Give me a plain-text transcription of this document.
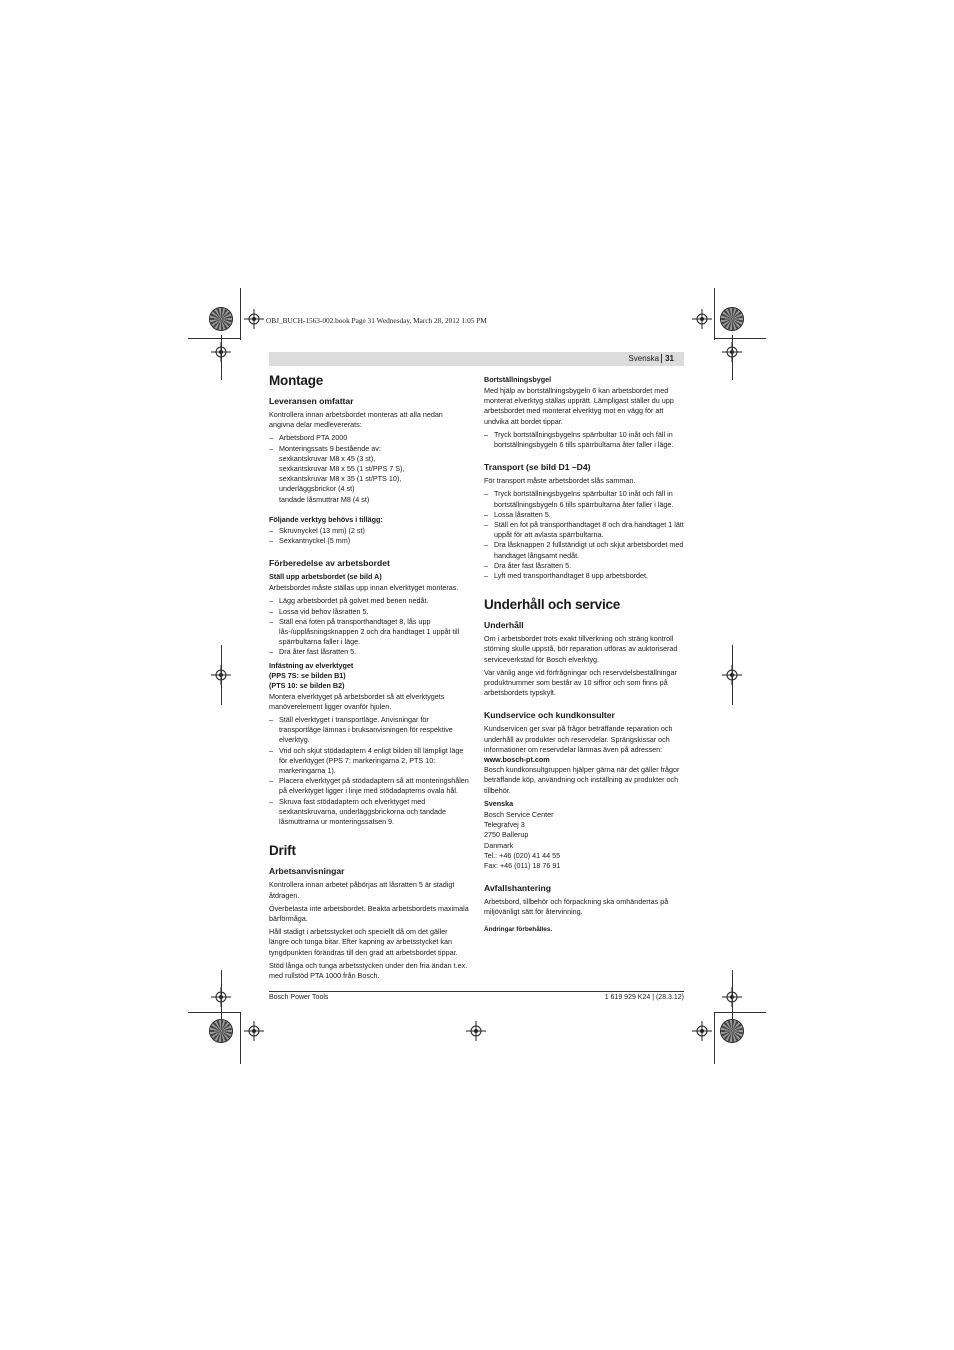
OBJ_BUCH-1563-002.book Page 31 Wednesday, March 28, 2012 1:05 PM
Svenska 31
Montage
Leveransen omfattar
Kontrollera innan arbetsbordet monteras att alla nedan angivna delar medlevererats:
– Arbetsbord PTA 2000
– Monteringssats 9 bestående av:
sexkantskruvar M8 x 45 (3 st),
sexkantskruvar M8 x 55 (1 st/PPS 7 S),
sexkantskruvar M8 x 35 (1 st/PTS 10),
underläggsbrickor (4 st)
tandade låsmuttrar M8 (4 st)
Följande verktyg behövs i tillägg:
– Skruvnyckel (13 mm) (2 st)
– Sexkantnyckel (5 mm)
Förberedelse av arbetsbordet
Ställ upp arbetsbordet (se bild A)
Arbetsbordet måste ställas upp innan elverktyget monteras.
– Lägg arbetsbordet på golvet med benen nedåt.
– Lossa vid behov låsratten 5.
– Ställ ena foten på transporthandtaget 8, lås upp lås-/upplåsningsknappen 2 och dra handtaget 1 uppåt till spärrbultarna faller i läge.
– Dra åter fast låsratten 5.
Infästning av elverktyget
(PPS 7S: se bilden B1)
(PTS 10: se bilden B2)
Montera elverktyget på arbetsbordet så att elverktygets manöverelement ligger ovanför hjulen.
– Ställ elverktyget i transportläge. Anvisningar för transportläge lämnas i bruksanvisningen för respektive elverktyg.
– Vrid och skjut stödadaptern 4 enligt bilden till lämpligt läge för elverktyget (PPS 7: markeringarna 2, PTS 10: markeringarna 1).
– Placera elverktyget på stödadaptern så att monteringshålen på elverktyget ligger i linje med stödadapterns ovala hål.
– Skruva fast stödadaptern och elverktyget med sexkantskruvarna, underläggsbrickorna och tandade låsmuttrarna ur monteringssatsen 9.
Drift
Arbetsanvisningar
Kontrollera innan arbetet påbörjas att låsratten 5 är stadigt åtdragen.
Överbelasta inte arbetsbordet. Beakta arbetsbordets maximala bärförmåga.
Håll stadigt i arbetsstycket och speciellt då om det gäller längre och tunga bitar. Efter kapning av arbetsstycket kan tyngdpunkten förändras till den grad att arbetsbordet tippar.
Stöd långa och tunga arbetsstycken under den fria ändan t.ex. med rullstöd PTA 1000 från Bosch.
Bortställningsbygel
Med hjälp av bortställningsbygeln 6 kan arbetsbordet med monterat elverktyg ställas upprätt. Lämpligast ställer du upp arbetsbordet med monterat elverktyg mot en vägg för att undvika att bordet tippar.
– Tryck bortställningsbygelns spärrbultar 10 inåt och fäll in bortställningsbygeln 6 tills spärrbultarna åter faller i läge.
Transport (se bild D1 –D4)
För transport måste arbetsbordet slås samman.
– Tryck bortställningsbygelns spärrbultar 10 inåt och fäll in bortställningsbygeln 6 tills spärrbultarna åter faller i läge.
– Lossa låsratten 5.
– Ställ en fot på transporthandtaget 8 och dra handtaget 1 lätt uppåt för att avlasta spärrbultarna.
– Dra låsknappen 2 fullständigt ut och skjut arbetsbordet med handtaget långsamt nedåt.
– Dra åter fast låsratten 5.
– Lyft med transporthandtaget 8 upp arbetsbordet.
Underhåll och service
Underhåll
Om i arbetsbordet trots exakt tillverkning och sträng kontroll störning skulle uppstå, bör reparation utföras av auktoriserad serviceverkstad för Bosch elverktyg.
Var vänlig ange vid förfrågningar och reservdelsbeställningar produktnummer som består av 10 siffror och som finns på arbetsbordets typskylt.
Kundservice och kundkonsulter
Kundservicen ger svar på frågor beträffande reparation och underhåll av produkter och reservdelar. Sprängskissar och informationer om reservdelar lämnas även på adressen:
www.bosch-pt.com
Bosch kundkonsultgruppen hjälper gärna när det gäller frågor beträffande köp, användning och inställning av produkter och tillbehör.
Svenska
Bosch Service Center
Telegrafvej 3
2750 Ballerup
Danmark
Tel.: +46 (020) 41 44 55
Fax: +46 (011) 18 76 91
Avfallshantering
Arbetsbord, tillbehör och förpackning ska omhändertas på miljövänligt sätt för återvinning.
Ändringar förbehålles.
Bosch Power Tools	1 619 929 K24 | (28.3.12)
